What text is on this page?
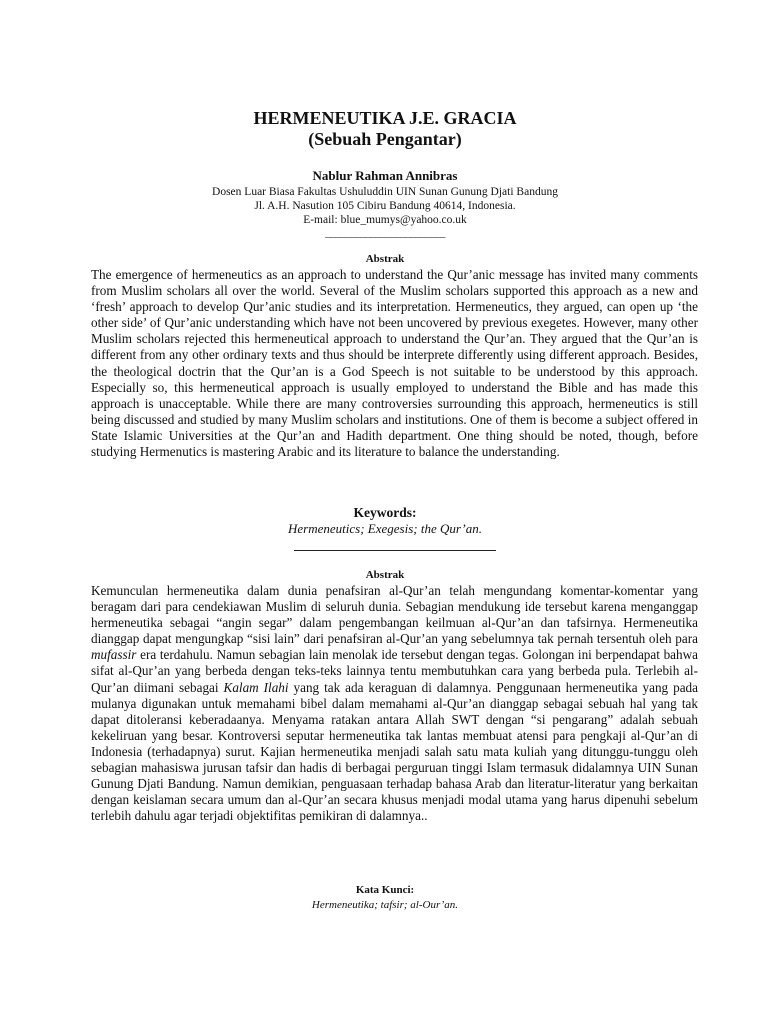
HERMENEUTIKA J.E. GRACIA
(Sebuah Pengantar)
Nablur Rahman Annibras
Dosen Luar Biasa Fakultas Ushuluddin UIN Sunan Gunung Djati Bandung
Jl. A.H. Nasution 105 Cibiru Bandung 40614, Indonesia.
E-mail: blue_mumys@yahoo.co.uk
________________________
Abstrak
The emergence of hermeneutics as an approach to understand the Qur’anic message has invited many comments from Muslim scholars all over the world. Several of the Muslim scholars supported this approach as a new and ‘fresh’ approach to develop Qur’anic studies and its interpretation. Hermeneutics, they argued, can open up ‘the other side’ of Qur’anic understanding which have not been uncovered by previous exegetes. However, many other Muslim scholars rejected this hermeneutical approach to understand the Qur’an. They argued that the Qur’an is different from any other ordinary texts and thus should be interprete differently using different approach. Besides, the theological doctrin that the Qur’an is a God Speech is not suitable to be understood by this approach. Especially so, this hermeneutical approach is usually employed to understand the Bible and has made this approach is unacceptable. While there are many controversies surrounding this approach, hermeneutics is still being discussed and studied by many Muslim scholars and institutions. One of them is become a subject offered in State Islamic Universities at the Qur’an and Hadith department. One thing should be noted, though, before studying Hermenutics is mastering Arabic and its literature to balance the understanding.
Keywords:
Hermeneutics; Exegesis; the Qur’an.
Abstrak
Kemunculan hermeneutika dalam dunia penafsiran al-Qur’an telah mengundang komentar-komentar yang beragam dari para cendekiawan Muslim di seluruh dunia. Sebagian mendukung ide tersebut karena menganggap hermeneutika sebagai “angin segar” dalam pengembangan keilmuan al-Qur’an dan tafsirnya. Hermeneutika dianggap dapat mengungkap “sisi lain” dari penafsiran al-Qur’an yang sebelumnya tak pernah tersentuh oleh para mufassir era terdahulu. Namun sebagian lain menolak ide tersebut dengan tegas. Golongan ini berpendapat bahwa sifat al-Qur’an yang berbeda dengan teks-teks lainnya tentu membutuhkan cara yang berbeda pula. Terlebih al-Qur’an diimani sebagai Kalam Ilahi yang tak ada keraguan di dalamnya. Penggunaan hermeneutika yang pada mulanya digunakan untuk memahami bibel dalam memahami al-Qur’an dianggap sebagai sebuah hal yang tak dapat ditoleransi keberadaanya. Menyama ratakan antara Allah SWT dengan “si pengarang” adalah sebuah kekeliruan yang besar. Kontroversi seputar hermeneutika tak lantas membuat atensi para pengkaji al-Qur’an di Indonesia (terhadapnya) surut. Kajian hermeneutika menjadi salah satu mata kuliah yang ditunggu-tunggu oleh sebagian mahasiswa jurusan tafsir dan hadis di berbagai perguruan tinggi Islam termasuk didalamnya UIN Sunan Gunung Djati Bandung. Namun demikian, penguasaan terhadap bahasa Arab dan literatur-literatur yang berkaitan dengan keislaman secara umum dan al-Qur’an secara khusus menjadi modal utama yang harus dipenuhi sebelum terlebih dahulu agar terjadi objektifitas pemikiran di dalamnya..
Kata Kunci:
Hermeneutika; tafsir; al-Our’an.
